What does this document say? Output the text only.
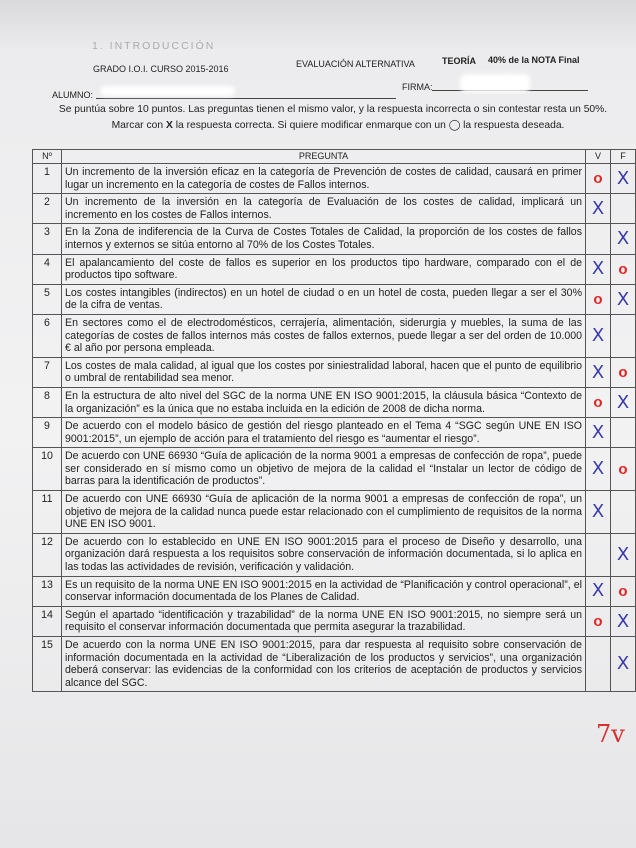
1. INTRODUCCIÓN
GRADO I.O.I. CURSO 2015-2016	EVALUACIÓN ALTERNATIVA	TEORÍA 40% de la NOTA Final
ALUMNO:
FIRMA:
Se puntúa sobre 10 puntos. Las preguntas tienen el mismo valor, y la respuesta incorrecta o sin contestar resta un 50%.
Marcar con X la respuesta correcta. Si quiere modificar enmarque con un ◯ la respuesta deseada.
Nº	PREGUNTA	V	F
1	Un incremento de la inversión eficaz en la categoría de Prevención de costes de calidad, causará en primer lugar un incremento en la categoría de costes de Fallos internos.	o	X
2	Un incremento de la inversión en la categoría de Evaluación de los costes de calidad, implicará un incremento en los costes de Fallos internos.	X	
3	En la Zona de indiferencia de la Curva de Costes Totales de Calidad, la proporción de los costes de fallos internos y externos se sitúa entorno al 70% de los Costes Totales.		X
4	El apalancamiento del coste de fallos es superior en los productos tipo hardware, comparado con el de productos tipo software.	X	o
5	Los costes intangibles (indirectos) en un hotel de ciudad o en un hotel de costa, pueden llegar a ser el 30% de la cifra de ventas.	o	X
6	En sectores como el de electrodomésticos, cerrajería, alimentación, siderurgia y muebles, la suma de las categorías de costes de fallos internos más costes de fallos externos, puede llegar a ser del orden de 10.000 € al año por persona empleada.	X	
7	Los costes de mala calidad, al igual que los costes por siniestralidad laboral, hacen que el punto de equilibrio o umbral de rentabilidad sea menor.	X	o
8	En la estructura de alto nivel del SGC de la norma UNE EN ISO 9001:2015, la cláusula básica “Contexto de la organización” es la única que no estaba incluida en la edición de 2008 de dicha norma.	o	X
9	De acuerdo con el modelo básico de gestión del riesgo planteado en el Tema 4 “SGC según UNE EN ISO 9001:2015”, un ejemplo de acción para el tratamiento del riesgo es “aumentar el riesgo”.	X	
10	De acuerdo con UNE 66930 “Guía de aplicación de la norma 9001 a empresas de confección de ropa”, puede ser considerado en sí mismo como un objetivo de mejora de la calidad el “Instalar un lector de código de barras para la identificación de productos”.	X	o
11	De acuerdo con UNE 66930 “Guía de aplicación de la norma 9001 a empresas de confección de ropa”, un objetivo de mejora de la calidad nunca puede estar relacionado con el cumplimiento de requisitos de la norma UNE EN ISO 9001.	X	
12	De acuerdo con lo establecido en UNE EN ISO 9001:2015 para el proceso de Diseño y desarrollo, una organización dará respuesta a los requisitos sobre conservación de información documentada, si lo aplica en las todas las actividades de revisión, verificación y validación.		X
13	Es un requisito de la norma UNE EN ISO 9001:2015 en la actividad de “Planificación y control operacional”, el conservar información documentada de los Planes de Calidad.	X	o
14	Según el apartado “identificación y trazabilidad” de la norma UNE EN ISO 9001:2015, no siempre será un requisito el conservar información documentada que permita asegurar la trazabilidad.	o	X
15	De acuerdo con la norma UNE EN ISO 9001:2015, para dar respuesta al requisito sobre conservación de información documentada en la actividad de “Liberalización de los productos y servicios”, una organización deberá conservar: las evidencias de la conformidad con los criterios de aceptación de productos y servicios alcance del SGC.		X
7v
